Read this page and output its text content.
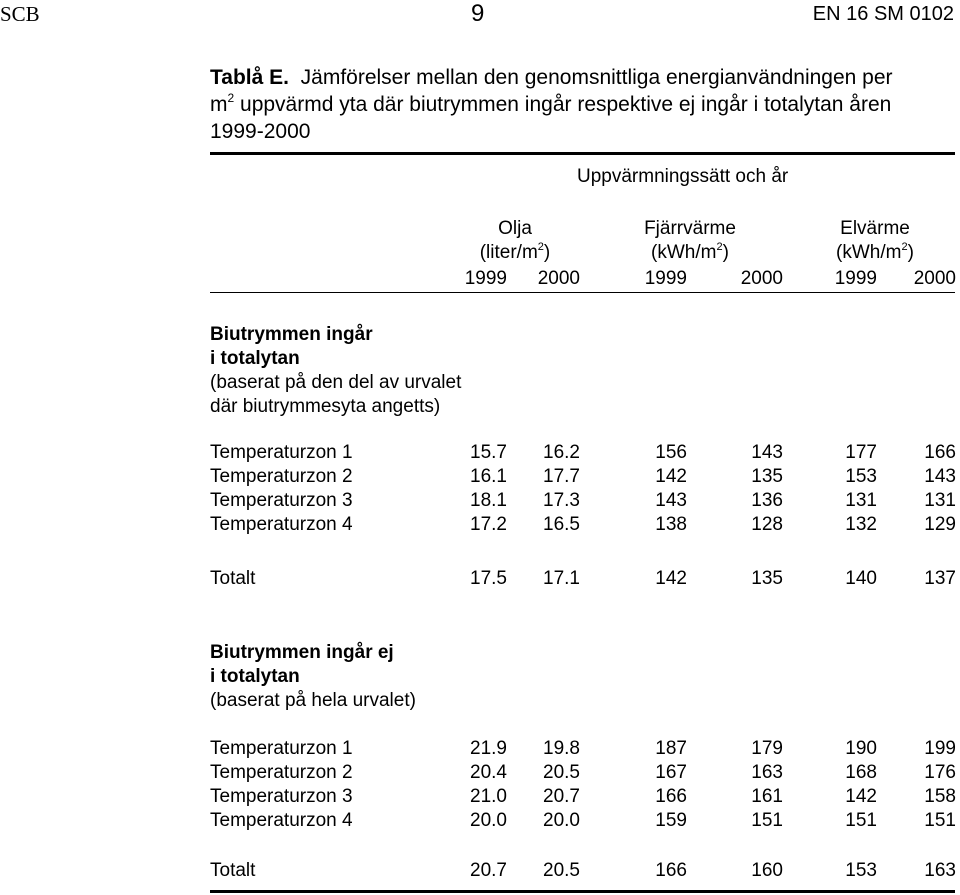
SCB	9	EN 16 SM 0102
Tablå E. Jämförelser mellan den genomsnittliga energianvändningen per
$m^2$ uppvärmd yta där biutrymmen ingår respektive ej ingår i totalytan åren
1999-2000
Uppvärmningssätt och år
Olja
$(liter/m^2)$
Fjärrvärme
$(kWh/m^2)$
Elvärme
$(kWh/m^2)$
1999	2000	1999	2000	1999	2000
Biutrymmen ingår
i totalytan
(baserat på den del av urvalet
där biutrymmesyta angetts)
Temperaturzon 1	15.7	16.2	156	143	177	166
Temperaturzon 2	16.1	17.7	142	135	153	143
Temperaturzon 3	18.1	17.3	143	136	131	131
Temperaturzon 4	17.2	16.5	138	128	132	129
Totalt	17.5	17.1	142	135	140	137
Biutrymmen ingår ej
i totalytan
(baserat på hela urvalet)
Temperaturzon 1	21.9	19.8	187	179	190	199
Temperaturzon 2	20.4	20.5	167	163	168	176
Temperaturzon 3	21.0	20.7	166	161	142	158
Temperaturzon 4	20.0	20.0	159	151	151	151
Totalt	20.7	20.5	166	160	153	163
